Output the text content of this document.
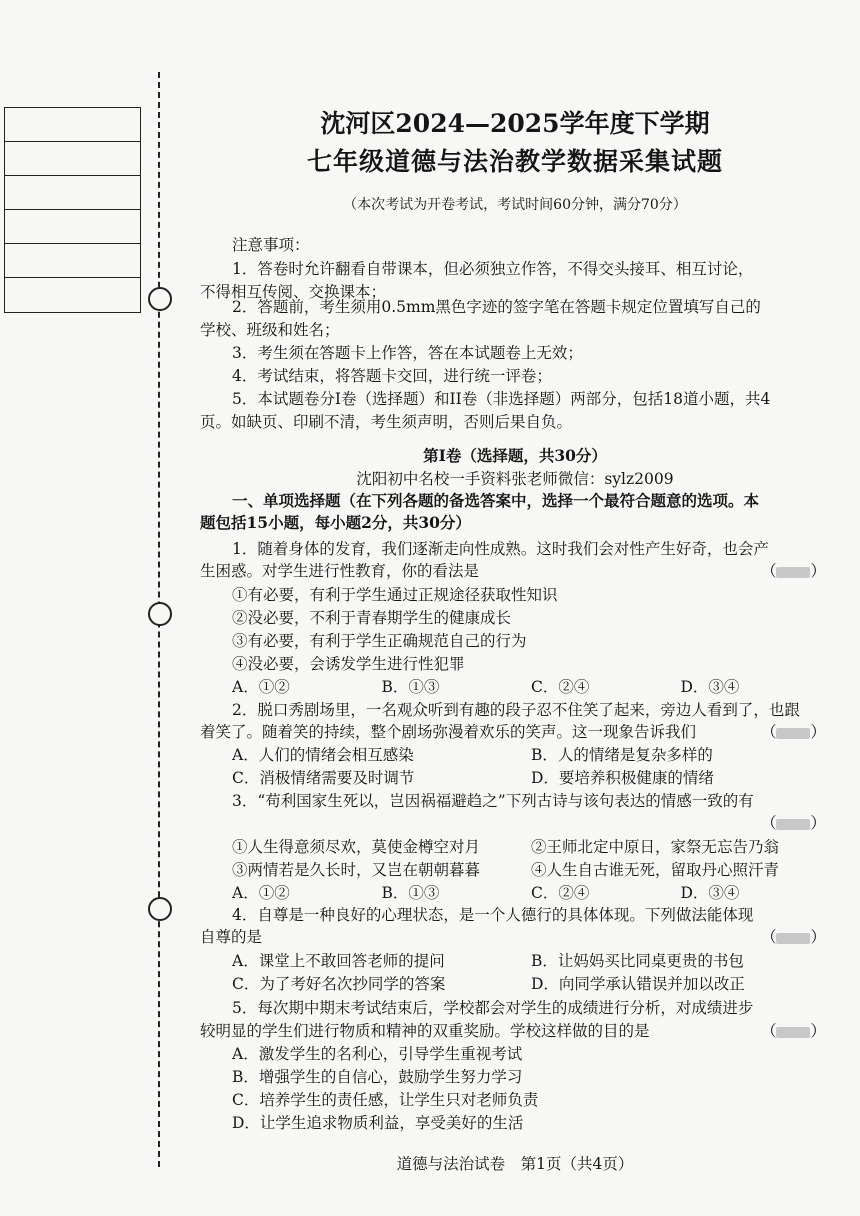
沈河区2024—2025学年度下学期
七年级道德与法治教学数据采集试题
（本次考试为开卷考试，考试时间60分钟，满分70分）
注意事项：
1．答卷时允许翻看自带课本，但必须独立作答，不得交头接耳、相互讨论，
不得相互传阅、交换课本；
2．答题前，考生须用0.5mm黑色字迹的签字笔在答题卡规定位置填写自己的
学校、班级和姓名；
3．考生须在答题卡上作答，答在本试题卷上无效；
4．考试结束，将答题卡交回，进行统一评卷；
5．本试题卷分I卷（选择题）和II卷（非选择题）两部分，包括18道小题，共4
页。如缺页、印刷不清，考生须声明，否则后果自负。
第I卷（选择题，共30分）
沈阳初中名校一手资料张老师微信：sylz2009
一、单项选择题（在下列各题的备选答案中，选择一个最符合题意的选项。本
题包括15小题，每小题2分，共30分）
1．随着身体的发育，我们逐渐走向性成熟。这时我们会对性产生好奇，也会产
生困惑。对学生进行性教育，你的看法是	（ ）
①有必要，有利于学生通过正规途径获取性知识
②没必要，不利于青春期学生的健康成长
③有必要，有利于学生正确规范自己的行为
④没必要，会诱发学生进行性犯罪
A．①②	B．①③	C．②④	D．③④
2．脱口秀剧场里，一名观众听到有趣的段子忍不住笑了起来，旁边人看到了，也跟
着笑了。随着笑的持续，整个剧场弥漫着欢乐的笑声。这一现象告诉我们	（ ）
A．人们的情绪会相互感染	B．人的情绪是复杂多样的
C．消极情绪需要及时调节	D．要培养积极健康的情绪
3．“苟利国家生死以，岂因祸福避趋之”下列古诗与该句表达的情感一致的有
（ ）
①人生得意须尽欢，莫使金樽空对月	②王师北定中原日，家祭无忘告乃翁
③两情若是久长时，又岂在朝朝暮暮	④人生自古谁无死，留取丹心照汗青
A．①②	B．①③	C．②④	D．③④
4．自尊是一种良好的心理状态，是一个人德行的具体体现。下列做法能体现
自尊的是	（ ）
A．课堂上不敢回答老师的提问	B．让妈妈买比同桌更贵的书包
C．为了考好名次抄同学的答案	D．向同学承认错误并加以改正
5．每次期中期末考试结束后，学校都会对学生的成绩进行分析，对成绩进步
较明显的学生们进行物质和精神的双重奖励。学校这样做的目的是	（ ）
A．激发学生的名利心，引导学生重视考试
B．增强学生的自信心，鼓励学生努力学习
C．培养学生的责任感，让学生只对老师负责
D．让学生追求物质利益，享受美好的生活
道德与法治试卷　第1页（共4页）
